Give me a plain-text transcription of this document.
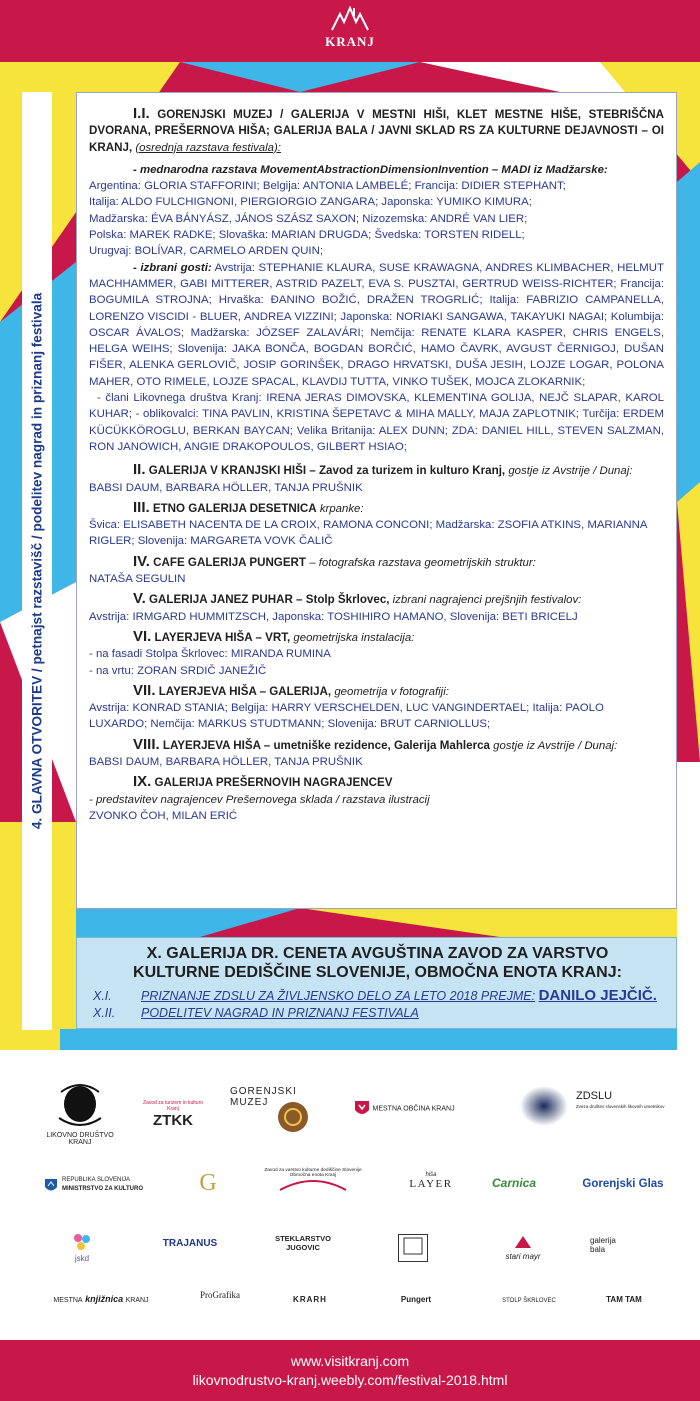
KRANJ
4. GLAVNA OTVORITEV / petnajst razstavišč / podelitev nagrad in priznanj festivala

I.I. GORENJSKI MUZEJ / GALERIJA V MESTNI HIŠI, KLET MESTNE HIŠE, STEBRIŠČNA DVORANA, PREŠERNOVA HIŠA; GALERIJA BALA / JAVNI SKLAD RS ZA KULTURNE DEJAVNOSTI – OI KRANJ, (osrednja razstava festivala):

- mednarodna razstava MovementAbstractionDimensionInvention – MADI iz Madžarske:

Argentina: GLORIA STAFFORINI; Belgija: ANTONIA LAMBELÉ; Francija: DIDIER STEPHANT;

Italija: ALDO FULCHIGNONI, PIERGIORGIO ZANGARA; Japonska: YUMIKO KIMURA;

Madžarska: ÉVA BÁNYÁSZ, JÁNOS SZÁSZ SAXON; Nizozemska: ANDRÉ VAN LIER;

Polska: MAREK RADKE; Slovaška: MARIAN DRUGDA; Švedska: TORSTEN RIDELL;

Urugvaj: BOLÍVAR, CARMELO ARDEN QUIN;

- izbrani gosti: Avstrija: STEPHANIE KLAURA, SUSE KRAWAGNA, ANDRES KLIMBACHER, HELMUT MACHHAMMER, GABI MITTERER, ASTRID PAZELT, EVA S. PUSZTAI, GERTRUD WEISS-RICHTER; Francija: BOGUMILA STROJNA; Hrvaška: ĐANINO BOŽIĆ, DRAŽEN TROGRLIĆ; Italija: FABRIZIO CAMPANELLA, LORENZO VISCIDI - BLUER, ANDREA VIZZINI; Japonska: NORIAKI SANGAWA, TAKAYUKI NAGAI; Kolumbija: OSCAR ÁVALOS; Madžarska: JÓZSEF ZALAVÁRI; Nemčija: RENATE KLARA KASPER, CHRIS ENGELS, HELGA WEIHS; Slovenija: JAKA BONČA, BOGDAN BORČIĆ, HAMO ČAVRK, AVGUST ČERNIGOJ, DUŠAN FIŠER, ALENKA GERLOVIČ, JOSIP GORINŠEK, DRAGO HRVATSKI, DUŠA JESIH, LOJZE LOGAR, POLONA MAHER, OTO RIMELE, LOJZE SPACAL, KLAVDIJ TUTTA, VINKO TUŠEK, MOJCA ZLOKARNIK;

- člani Likovnega društva Kranj: IRENA JERAS DIMOVSKA, KLEMENTINA GOLIJA, NEJČ SLAPAR, KAROL KUHAR; - oblikovalci: TINA PAVLIN, KRISTINA ŠEPETAVC & MIHA MALLY, MAJA ZAPLOTNIK; Turčija: ERDEM KÜCÜKKÖROGLU, BERKAN BAYCAN; Velika Britanija: ALEX DUNN; ZDA: DANIEL HILL, STEVEN SALZMAN, RON JANOWICH, ANGIE DRAKOPOULOS, GILBERT HSIAO;

II. GALERIJA V KRANJSKI HIŠI – Zavod za turizem in kulturo Kranj, gostje iz Avstrije / Dunaj:

BABSI DAUM, BARBARA HÖLLER, TANJA PRUŠNIK

III. ETNO GALERIJA DESETNICA krpanke:

Švica: ELISABETH NACENTA DE LA CROIX, RAMONA CONCONI; Madžarska: ZSOFIA ATKINS, MARIANNA RIGLER; Slovenija: MARGARETA VOVK ČALIČ

IV. CAFE GALERIJA PUNGERT – fotografska razstava geometrijskih struktur:

NATAŠA SEGULIN

V. GALERIJA JANEZ PUHAR – Stolp Škrlovec, izbrani nagrajenci prejšnjih festivalov:

Avstrija: IRMGARD HUMMITZSCH, Japonska: TOSHIHIRO HAMANO, Slovenija: BETI BRICELJ

VI. LAYERJEVA HIŠA – VRT, geometrijska instalacija:

- na fasadi Stolpa Škrlovec: MIRANDA RUMINA

- na vrtu: ZORAN SRDIČ JANEŽIČ

VII. LAYERJEVA HIŠA – GALERIJA, geometrija v fotografiji:

Avstrija: KONRAD STANIA; Belgija: HARRY VERSCHELDEN, LUC VANGINDERTAEL; Italija: PAOLO LUXARDO; Nemčija: MARKUS STUDTMANN; Slovenija: BRUT CARNIOLLUS;

VIII. LAYERJEVA HIŠA – umetniške rezidence, Galerija Mahlerca gostje iz Avstrije / Dunaj:

BABSI DAUM, BARBARA HÖLLER, TANJA PRUŠNIK

IX. GALERIJA PREŠERNOVIH NAGRAJENCEV

- predstavitev nagrajencev Prešernovega sklada / razstava ilustracij

ZVONKO ČOH, MILAN ERIĆ

X. GALERIJA DR. CENETA AVGUŠTINA ZAVOD ZA VARSTVO
KULTURNE DEDIŠČINE SLOVENIJE, OBMOČNA ENOTA KRANJ:
X.I. PRIZNANJE ZDSLU ZA ŽIVLJENSKO DELO ZA LETO 2018 PREJME: DANILO JEJČIČ.
X.II. PODELITEV NAGRAD IN PRIZNANJ FESTIVALA
LIKOVNO DRUŠTVO KRANJ
Zavod za turizem in kulturo Kranj
ZTKK
GORENJSKI
MUZEJ
MESTNA OBČINA KRANJ
ZDSLU
Zveza društev slovenskih likovnih umetnikov
REPUBLIKA SLOVENIJA
MINISTRSTVO ZA KULTURO G	Zavod za varstvo kulturne dediščine Slovenije
Območna enota Kranj	hiša
LAYER	Carnica	Gorenjski Glas
jskd
TRAJANUS	STEKLARSTVO
JUGOVIC
stari mayr
galerija bala
MESTNA knjižnica KRANJ
ProGrafika	KRARH	Pungert	STOLP ŠKRLOVEC	TAM TAM

www.visitkranj.com

likovnodrustvo-kranj.weebly.com/festival-2018.html
